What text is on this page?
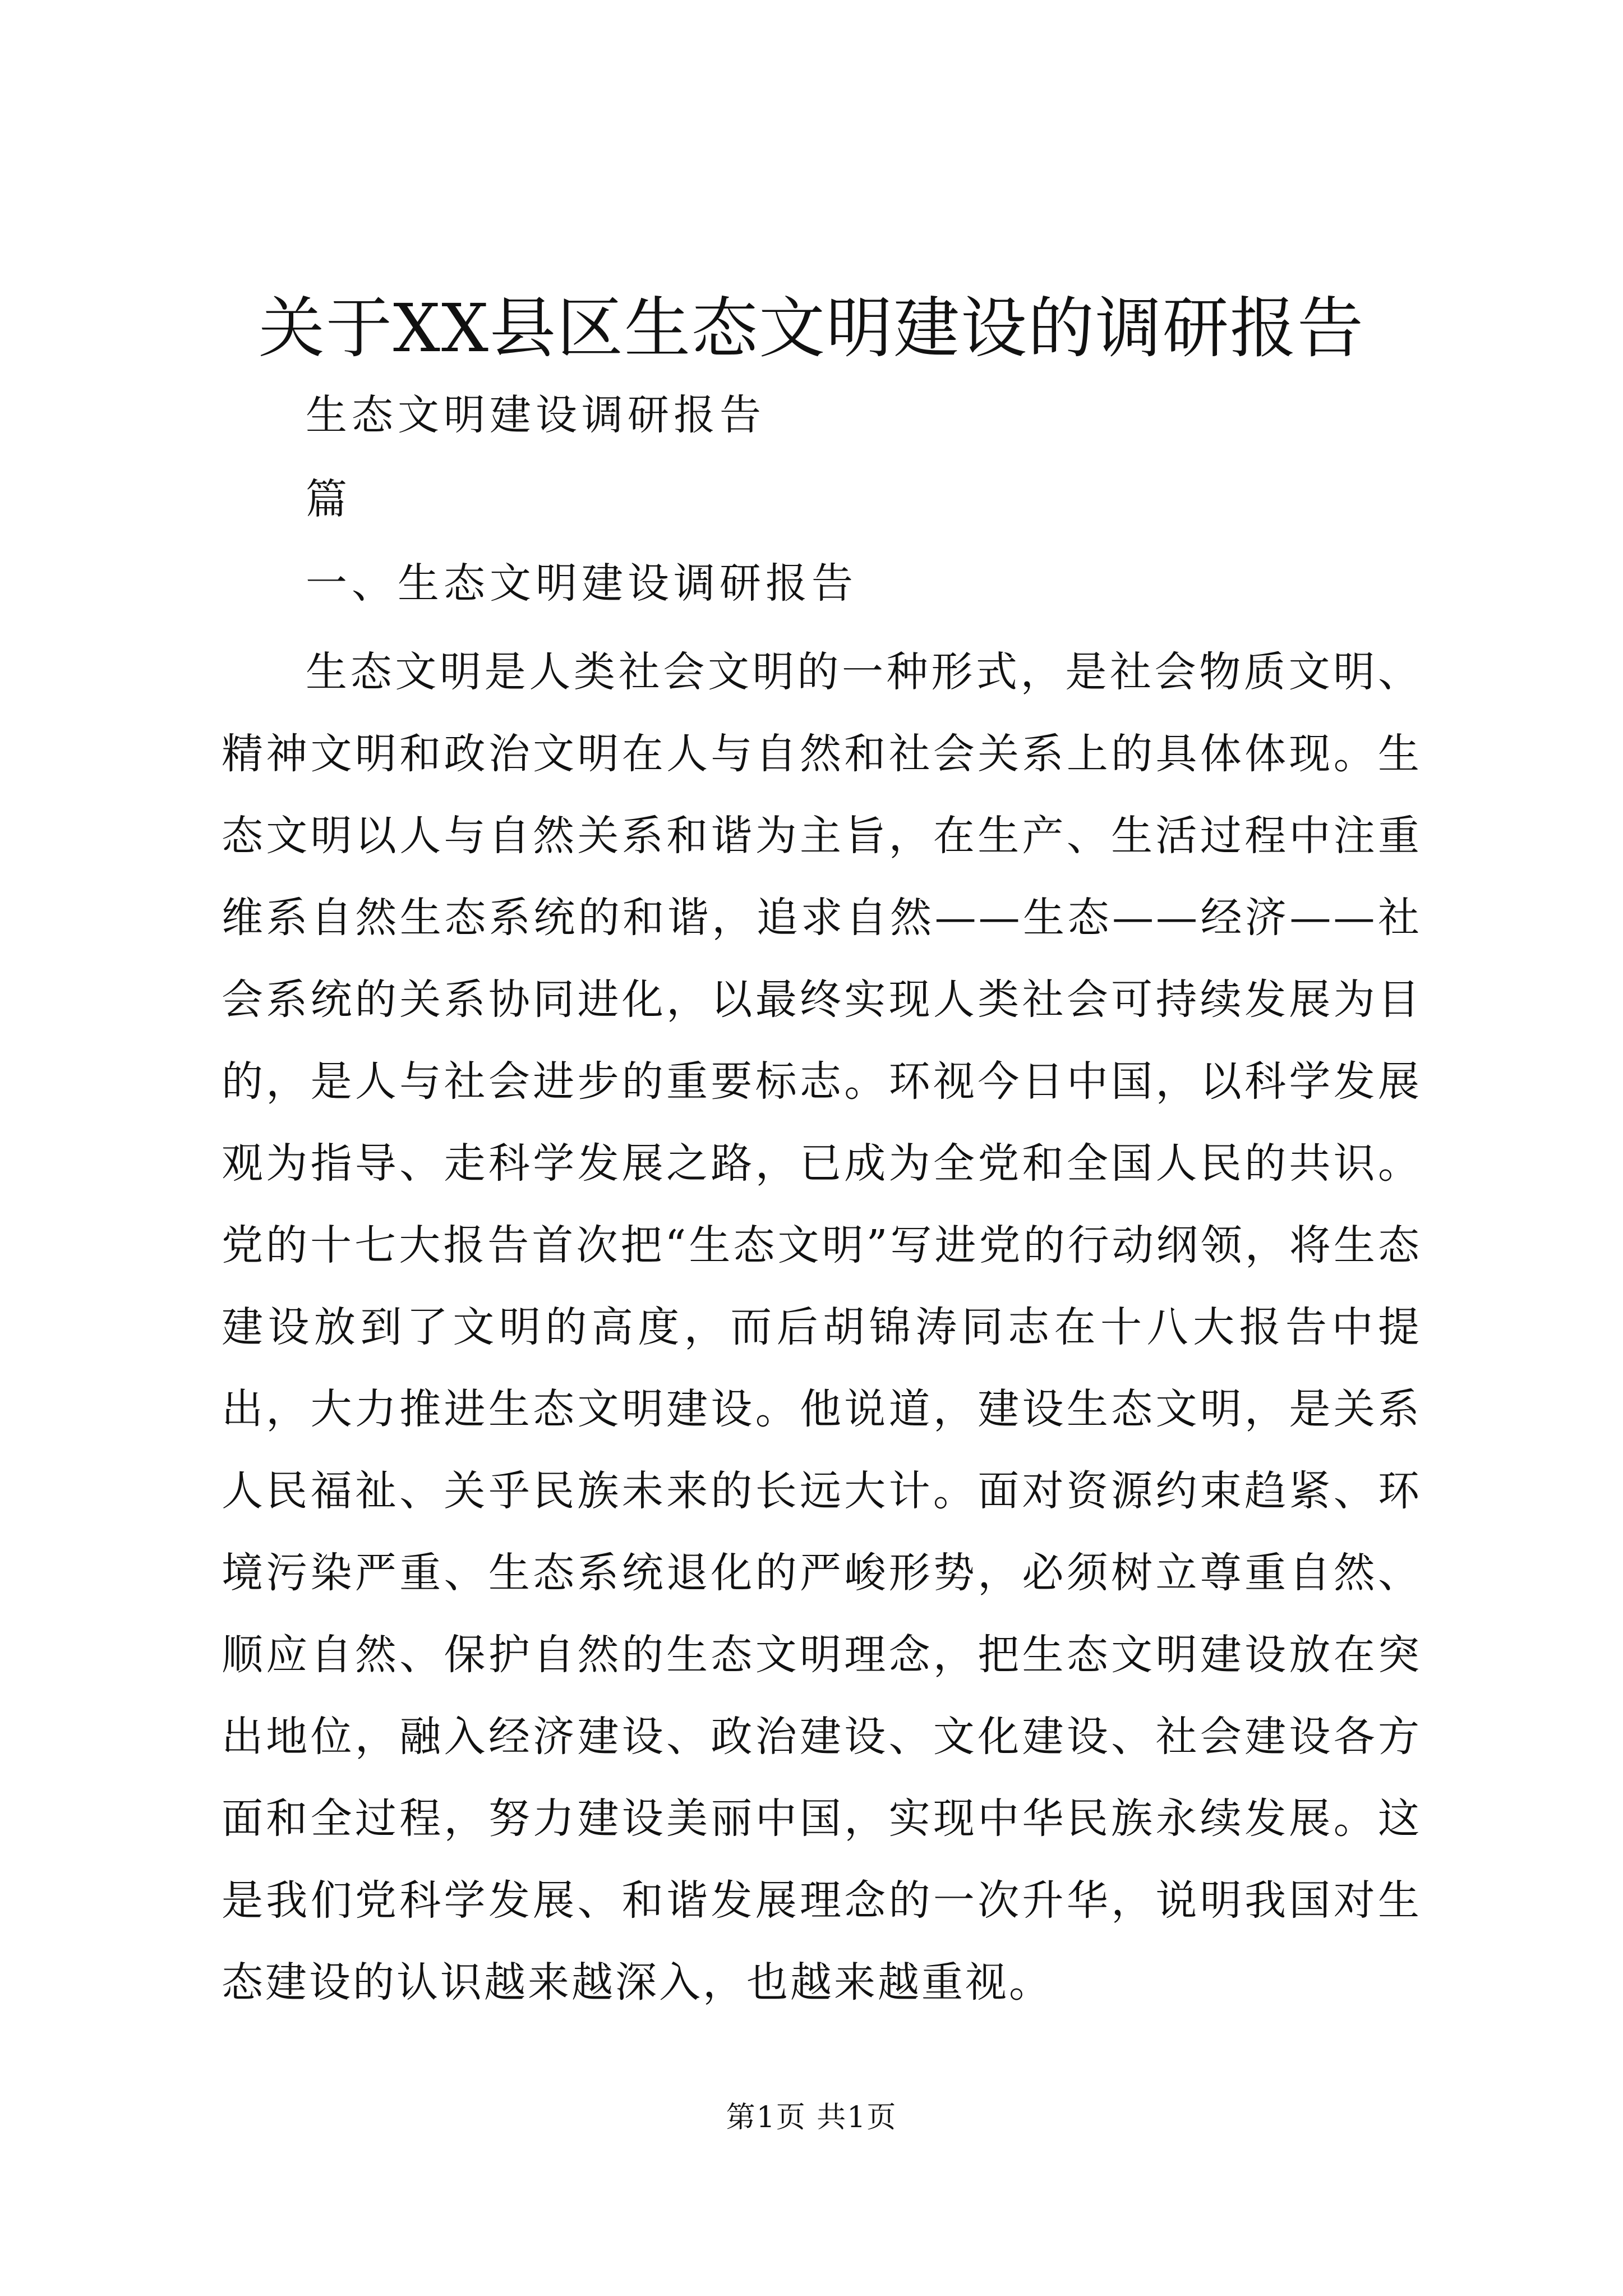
关于XX县区生态文明建设的调研报告

生态文明建设调研报告

篇

一、生态文明建设调研报告

生态文明是人类社会文明的一种形式，是社会物质文明、精神文明和政治文明在人与自然和社会关系上的具体体现。生态文明以人与自然关系和谐为主旨，在生产、生活过程中注重维系自然生态系统的和谐，追求自然——生态——经济——社会系统的关系协同进化，以最终实现人类社会可持续发展为目的，是人与社会进步的重要标志。环视今日中国，以科学发展观为指导、走科学发展之路，已成为全党和全国人民的共识。党的十七大报告首次把“生态文明”写进党的行动纲领，将生态建设放到了文明的高度，而后胡锦涛同志在十八大报告中提出，大力推进生态文明建设。他说道，建设生态文明，是关系人民福祉、关乎民族未来的长远大计。面对资源约束趋紧、环境污染严重、生态系统退化的严峻形势，必须树立尊重自然、顺应自然、保护自然的生态文明理念，把生态文明建设放在突出地位，融入经济建设、政治建设、文化建设、社会建设各方面和全过程，努力建设美丽中国，实现中华民族永续发展。这是我们党科学发展、和谐发展理念的一次升华，说明我国对生态建设的认识越来越深入，也越来越重视。

第1页 共1页
